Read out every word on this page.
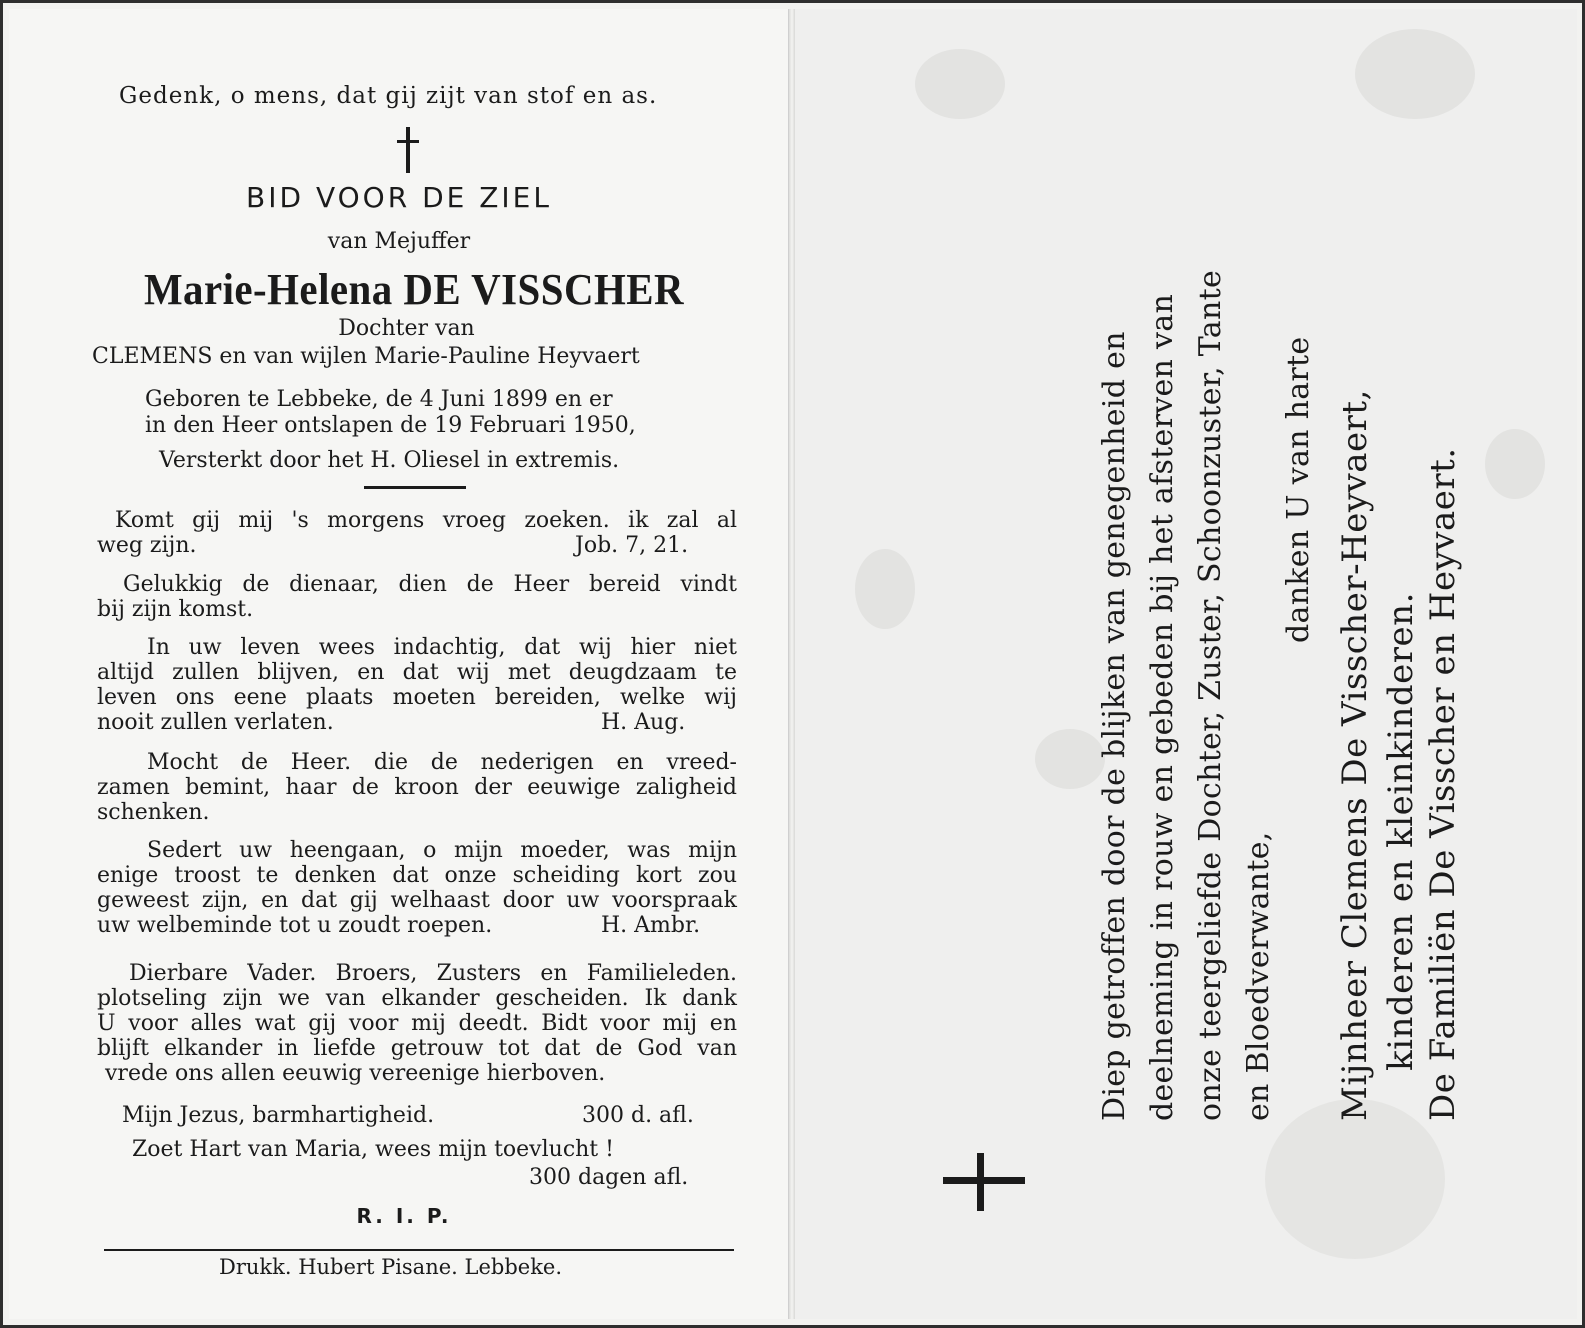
Gedenk, o mens, dat gij zijt van stof en as.

BID VOOR DE ZIEL

van Mejuffer

Marie-Helena DE VISSCHER

Dochter van

CLEMENS en van wijlen Marie-Pauline Heyvaert

Geboren te Lebbeke, de 4 Juni 1899 en er

in den Heer ontslapen de 19 Februari 1950,

Versterkt door het H. Oliesel in extremis.

Komt gij mij 's morgens vroeg zoeken. ik zal al
weg zijn.	Job. 7, 21.
Gelukkig de dienaar, dien de Heer bereid vindt
bij zijn komst.
In uw leven wees indachtig, dat wij hier niet
altijd zullen blijven, en dat wij met deugdzaam te
leven ons eene plaats moeten bereiden, welke wij
nooit zullen verlaten.	H. Aug.
Mocht de Heer. die de nederigen en vreed-
zamen bemint, haar de kroon der eeuwige zaligheid
schenken.
Sedert uw heengaan, o mijn moeder, was mijn
enige troost te denken dat onze scheiding kort zou
geweest zijn, en dat gij welhaast door uw voorspraak
uw welbeminde tot u zoudt roepen.	H. Ambr.
Dierbare Vader. Broers, Zusters en Familieleden.
plotseling zijn we van elkander gescheiden. Ik dank
U voor alles wat gij voor mij deedt. Bidt voor mij en
blijft elkander in liefde getrouw tot dat de God van
vrede ons allen eeuwig vereenige hierboven.
Mijn Jezus, barmhartigheid.	300 d. afl.
Zoet Hart van Maria, wees mijn toevlucht !
300 dagen afl.

R. I. P.

Drukk. Hubert Pisane. Lebbeke.

Diep getroffen door de blijken van genegenheid en deelneming in rouw en gebeden bij het afsterven van onze teergeliefde Dochter, Zuster, Schoonzuster, Tante en Bloedverwante,

danken U van harte Mijnheer Clemens De Visscher-Heyvaert, kinderen en kleinkinderen. De Familiën De Visscher en Heyvaert.
